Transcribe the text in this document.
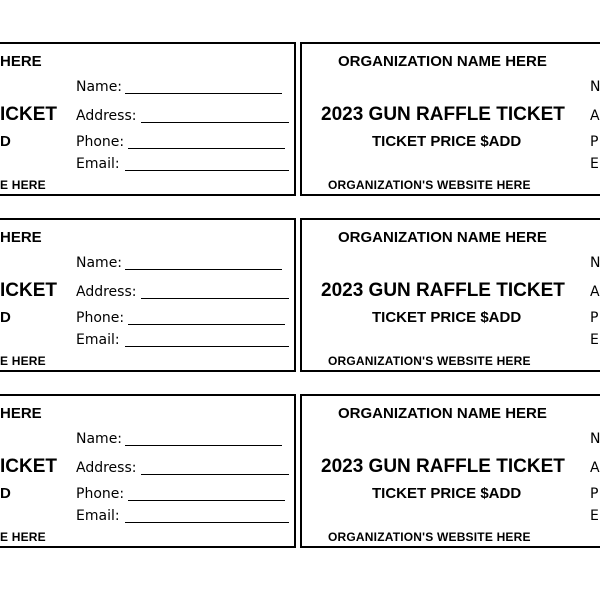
HERE
ICKET
D
E HERE
Name:
Address:
Phone:
Email:
ORGANIZATION NAME HERE
2023 GUN RAFFLE TICKET
TICKET PRICE $ADD
ORGANIZATION'S WEBSITE HERE
N
A
P
E
HERE
ICKET
D
E HERE
Name:
Address:
Phone:
Email:
ORGANIZATION NAME HERE
2023 GUN RAFFLE TICKET
TICKET PRICE $ADD
ORGANIZATION'S WEBSITE HERE
N
A
P
E
HERE
ICKET
D
E HERE
Name:
Address:
Phone:
Email:
ORGANIZATION NAME HERE
2023 GUN RAFFLE TICKET
TICKET PRICE $ADD
ORGANIZATION'S WEBSITE HERE
N
A
P
E
